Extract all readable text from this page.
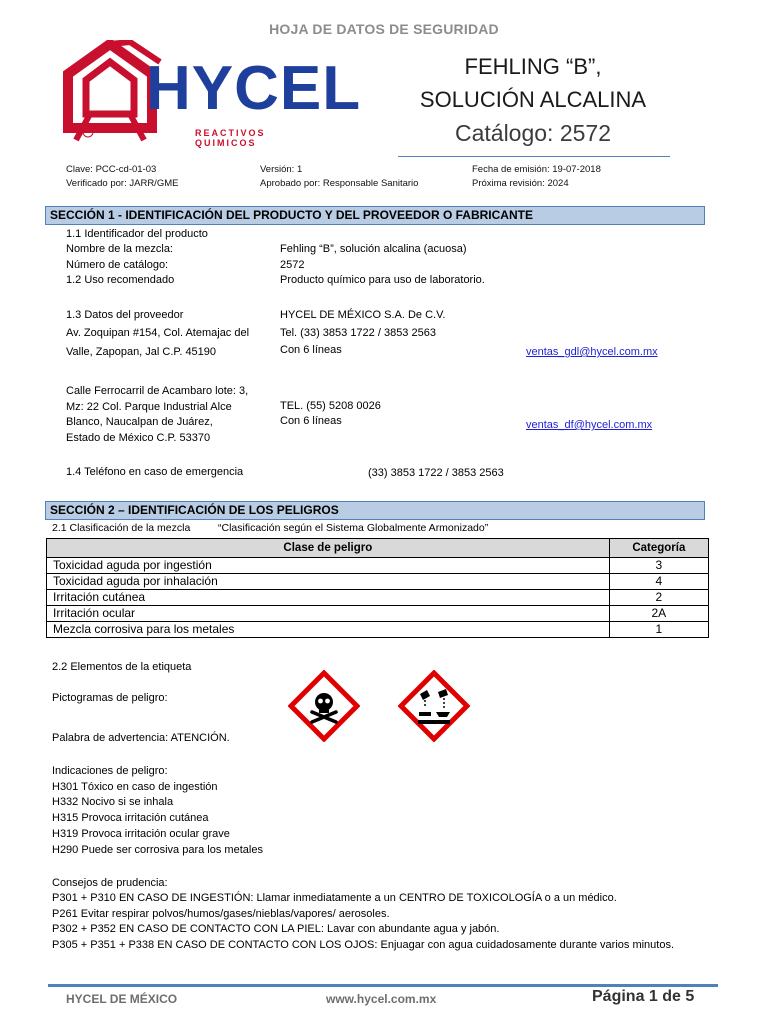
HOJA DE DATOS DE SEGURIDAD
HYCEL
REACTIVOS QUIMICOS
®
FEHLING “B”,
SOLUCIÓN ALCALINA
Catálogo: 2572
Clave: PCC-cd-01-03
Verificado por: JARR/GME
Versión: 1
Aprobado por: Responsable Sanitario
Fecha de emisión: 19-07-2018
Próxima revisión: 2024
SECCIÓN 1 - IDENTIFICACIÓN DEL PRODUCTO Y DEL PROVEEDOR O FABRICANTE
1.1 Identificador del producto
Nombre de la mezcla:	Fehling “B”, solución alcalina (acuosa)
Número de catálogo:	2572
1.2 Uso recomendado	Producto químico para uso de laboratorio.
1.3 Datos del proveedor	HYCEL DE MÉXICO S.A. De C.V.
Av. Zoquipan #154, Col. Atemajac del	Tel. (33) 3853 1722 / 3853 2563
Valle, Zapopan, Jal C.P. 45190	Con 6 líneas	ventas_gdl@hycel.com.mx
Calle Ferrocarril de Acambaro lote: 3,
Mz: 22 Col. Parque Industrial Alce	TEL. (55) 5208 0026
Blanco, Naucalpan de Juárez,	Con 6 líneas	ventas_df@hycel.com.mx
Estado de México C.P. 53370
1.4 Teléfono en caso de emergencia	(33) 3853 1722 / 3853 2563
SECCIÓN 2 – IDENTIFICACIÓN DE LOS PELIGROS
2.1 Clasificación de la mezcla	“Clasificación según el Sistema Globalmente Armonizado”
Clase de peligro	Categoría
Toxicidad aguda por ingestión	3
Toxicidad aguda por inhalación	4
Irritación cutánea	2
Irritación ocular	2A
Mezcla corrosiva para los metales	1
2.2 Elementos de la etiqueta
Pictogramas de peligro:
Palabra de advertencia: ATENCIÓN.
Indicaciones de peligro:
H301 Tóxico en caso de ingestión
H332 Nocivo si se inhala
H315 Provoca irritación cutánea
H319 Provoca irritación ocular grave
H290 Puede ser corrosiva para los metales
Consejos de prudencia:
P301 + P310 EN CASO DE INGESTIÓN: Llamar inmediatamente a un CENTRO DE TOXICOLOGÍA o a un médico.
P261 Evitar respirar polvos/humos/gases/nieblas/vapores/ aerosoles.
P302 + P352 EN CASO DE CONTACTO CON LA PIEL: Lavar con abundante agua y jabón.
P305 + P351 + P338 EN CASO DE CONTACTO CON LOS OJOS: Enjuagar con agua cuidadosamente durante varios minutos.
HYCEL DE MÉXICO	www.hycel.com.mx	Página 1 de 5
